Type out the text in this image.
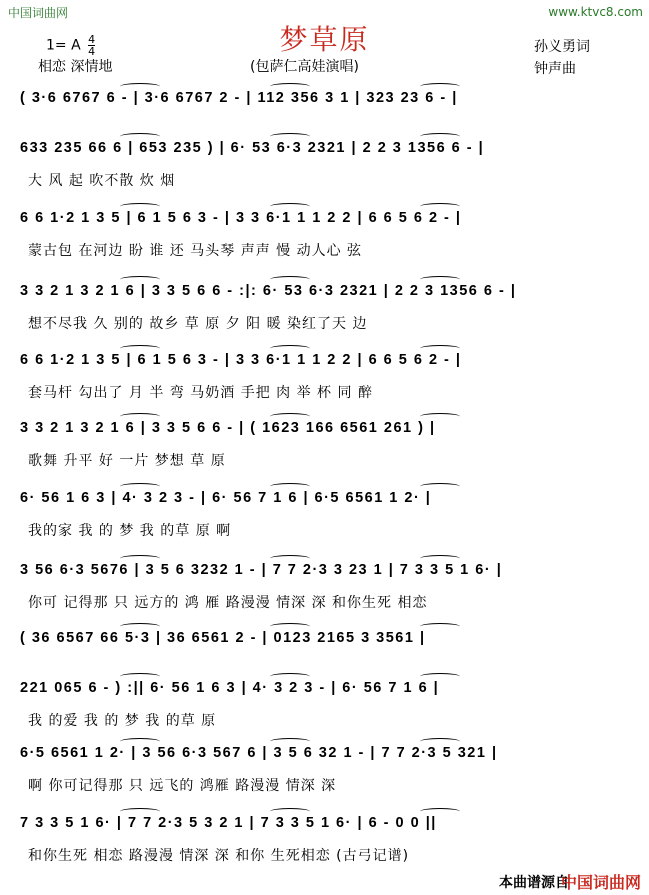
中国词曲网	www.ktvc8.com
梦草原
1= A $\frac{4}{4}$
相恋 深情地	(包萨仁高娃演唱)
孙义勇词
钟声曲
( 3·6 6767 6 - | 3·6 6767 2 - | 112 356 3 1 | 323 23 6 - |
633 235 66 6 | 653 235 ) | 6· 53 6·3 2321 | 2 2 3 1356 6 - |
大 风 起 吹不散 炊 烟
6 6 1·2 1 3 5 | 6 1 5 6 3 - | 3 3 6·1 1 1 2 2 | 6 6 5 6 2 - |
蒙古包 在河边 盼 谁 还 马头琴 声声 慢 动人心 弦
3 3 2 1 3 2 1 6 | 3 3 5 6 6 - :|: 6· 53 6·3 2321 | 2 2 3 1356 6 - |
想不尽我 久 别的 故乡 草 原 夕 阳 暖 染红了天 边
6 6 1·2 1 3 5 | 6 1 5 6 3 - | 3 3 6·1 1 1 2 2 | 6 6 5 6 2 - |
套马杆 勾出了 月 半 弯 马奶酒 手把 肉 举 杯 同 醉
3 3 2 1 3 2 1 6 | 3 3 5 6 6 - | ( 1623 166 6561 261 ) |
歌舞 升平 好 一片 梦想 草 原
6· 56 1 6 3 | 4· 3 2 3 - | 6· 56 7 1 6 | 6·5 6561 1 2· |
我的家 我 的 梦 我 的草 原 啊
3 56 6·3 5676 | 3 5 6 3232 1 - | 7 7 2·3 3 23 1 | 7 3 3 5 1 6· |
你可 记得那 只 远方的 鸿 雁 路漫漫 情深 深 和你生死 相恋
( 36 6567 66 5·3 | 36 6561 2 - | 0123 2165 3 3561 |
221 065 6 - ) :|| 6· 56 1 6 3 | 4· 3 2 3 - | 6· 56 7 1 6 |
我 的爱 我 的 梦 我 的草 原
6·5 6561 1 2· | 3 56 6·3 567 6 | 3 5 6 32 1 - | 7 7 2·3 5 321 |
啊 你可记得那 只 远飞的 鸿雁 路漫漫 情深 深
7 3 3 5 1 6· | 7 7 2·3 5 3 2 1 | 7 3 3 5 1 6· | 6 - 0 0 ||
和你生死 相恋 路漫漫 情深 深 和你 生死相恋 (古弓记谱)
本曲谱源自
中国词曲网
